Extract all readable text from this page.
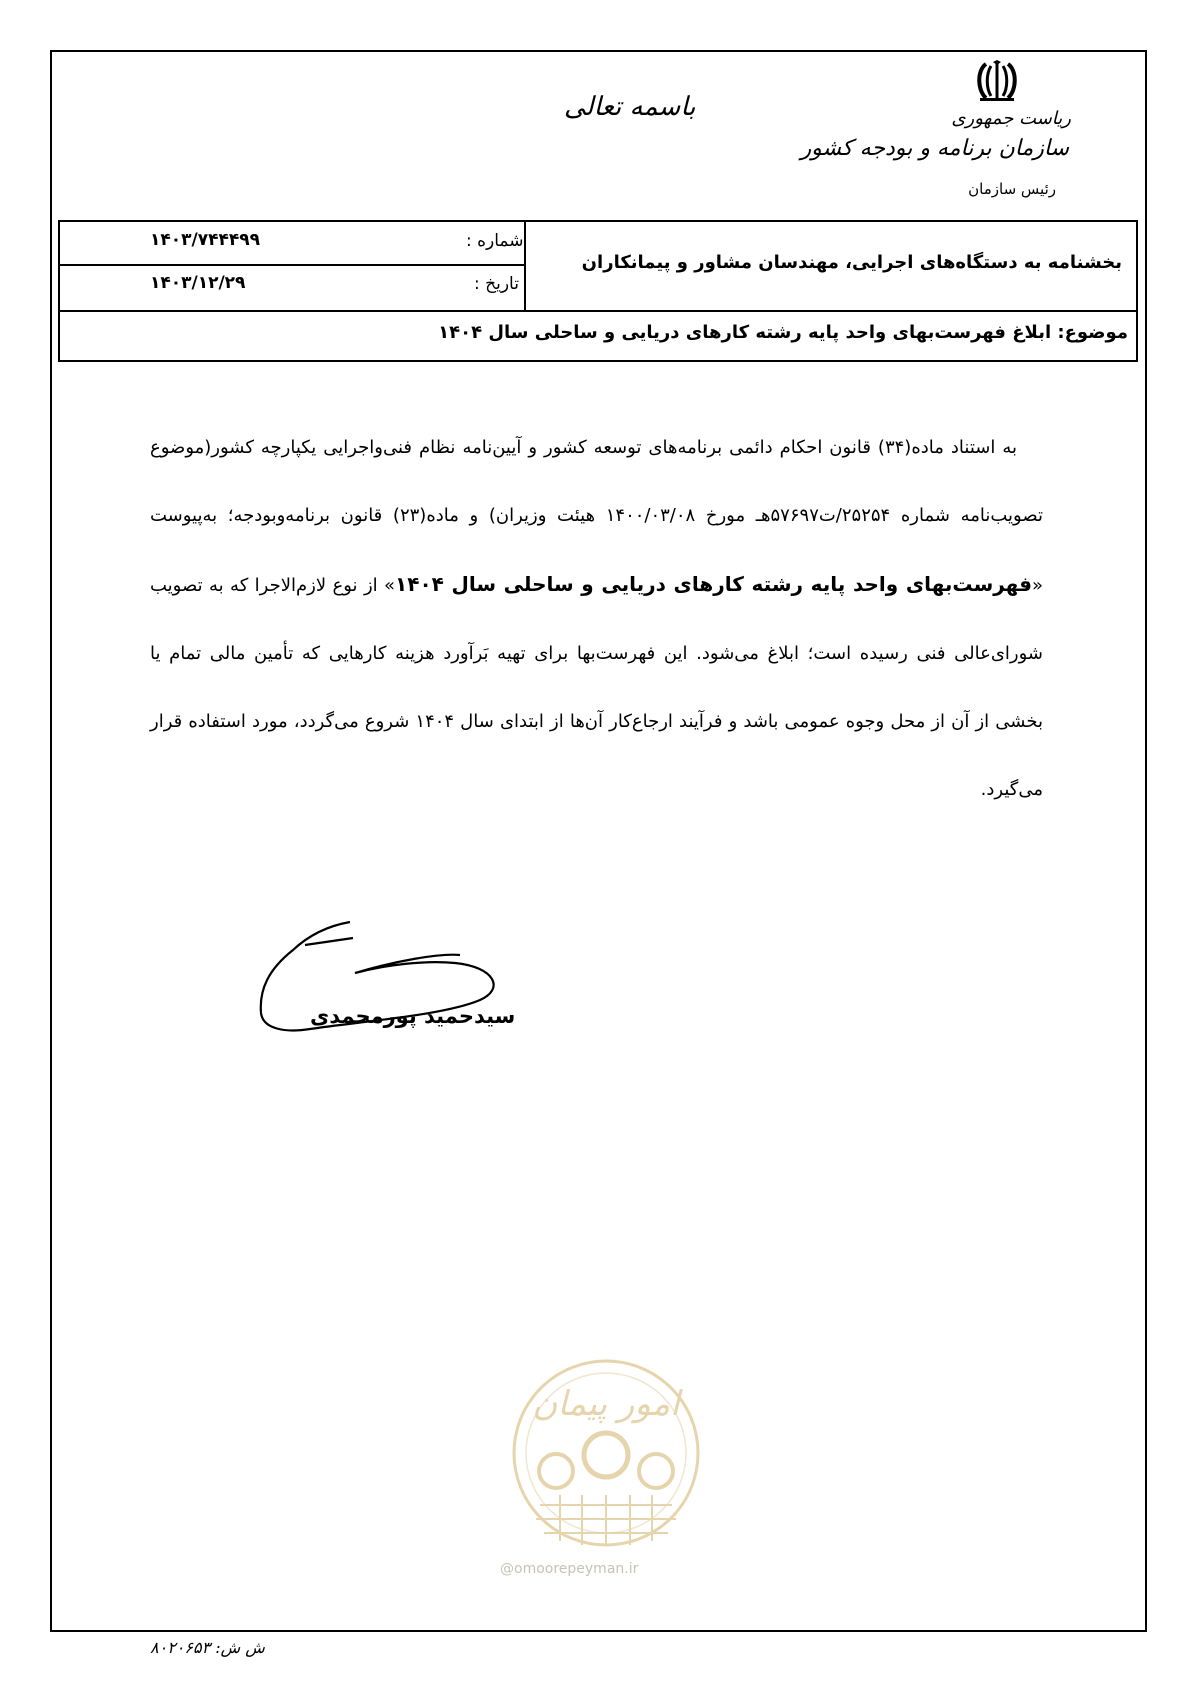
ریاست جمهوری
سازمان برنامه و بودجه کشور
رئیس سازمان
باسمه تعالی
شماره :
۱۴۰۳/۷۴۴۴۹۹
تاریخ :
۱۴۰۳/۱۲/۲۹
بخشنامه به دستگاه‌های اجرایی، مهندسان مشاور و پیمانکاران
موضوع: ابلاغ فهرست‌بهای واحد پایه رشته کارهای دریایی و ساحلی سال ۱۴۰۴
به استناد ماده(۳۴) قانون احکام دائمی برنامه‌های توسعه کشور و آیین‌نامه نظام فنی‌واجرایی یکپارچه کشور(موضوع تصویب‌نامه شماره ۲۵۲۵۴/ت۵۷۶۹۷هـ مورخ ۱۴۰۰/۰۳/۰۸ هیئت وزیران) و ماده(۲۳) قانون برنامه‌وبودجه؛ به‌پیوست «فهرست‌بهای واحد پایه رشته کارهای دریایی و ساحلی سال ۱۴۰۴» از نوع لازم‌الاجرا که به تصویب شورای‌عالی فنی رسیده است؛ ابلاغ می‌شود. این فهرست‌بها برای تهیه بَرآورد هزینه کارهایی که تأمین مالی تمام یا بخشی از آن از محل وجوه عمومی باشد و فرآیند ارجاع‌کار آن‌ها از ابتدای سال ۱۴۰۴ شروع می‌گردد، مورد استفاده قرار می‌گیرد.
سیدحمید پورمحمدی
امور پیمان
@omoorepeyman.ir
ش ش: ۸۰۲۰۶۵۳
